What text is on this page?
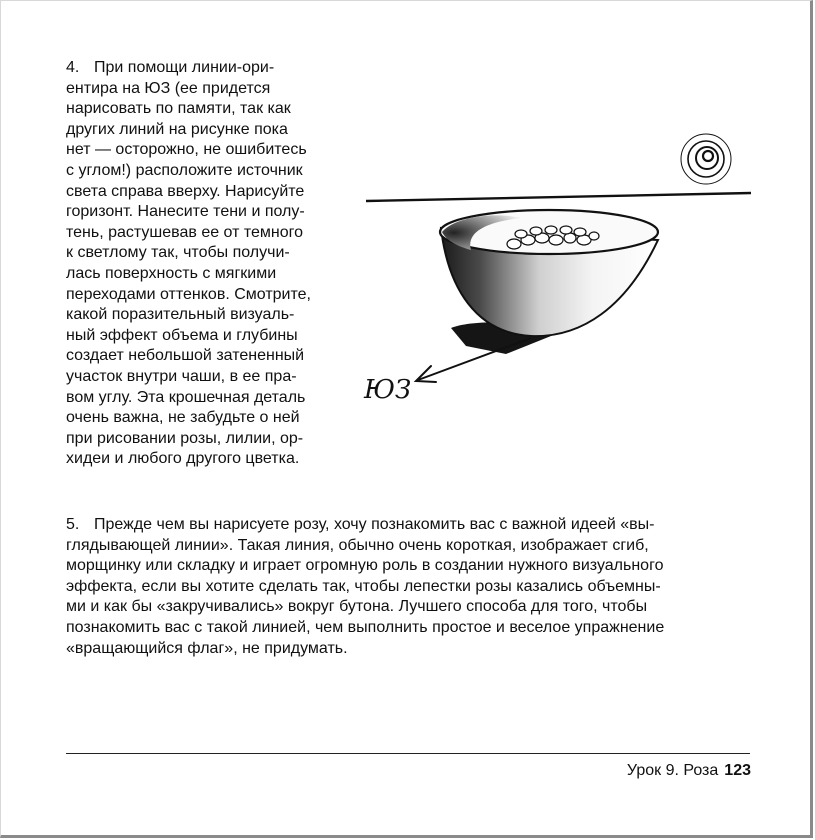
4. При помощи линии-ори-
ентира на ЮЗ (ее придется
нарисовать по памяти, так как
других линий на рисунке пока
нет — осторожно, не ошибитесь
с углом!) расположите источник
света справа вверху. Нарисуйте
горизонт. Нанесите тени и полу-
тень, растушевав ее от темного
к светлому так, чтобы получи-
лась поверхность с мягкими
переходами оттенков. Смотрите,
какой поразительный визуаль-
ный эффект объема и глубины
создает небольшой затененный
участок внутри чаши, в ее пра-
вом углу. Эта крошечная деталь
очень важна, не забудьте о ней
при рисовании розы, лилии, ор-
хидеи и любого другого цветка.
ЮЗ
5. Прежде чем вы нарисуете розу, хочу познакомить вас с важной идеей «вы-
глядывающей линии». Такая линия, обычно очень короткая, изображает сгиб,
морщинку или складку и играет огромную роль в создании нужного визуального
эффекта, если вы хотите сделать так, чтобы лепестки розы казались объемны-
ми и как бы «закручивались» вокруг бутона. Лучшего способа для того, чтобы
познакомить вас с такой линией, чем выполнить простое и веселое упражнение
«вращающийся флаг», не придумать.
Урок 9. Роза 123
